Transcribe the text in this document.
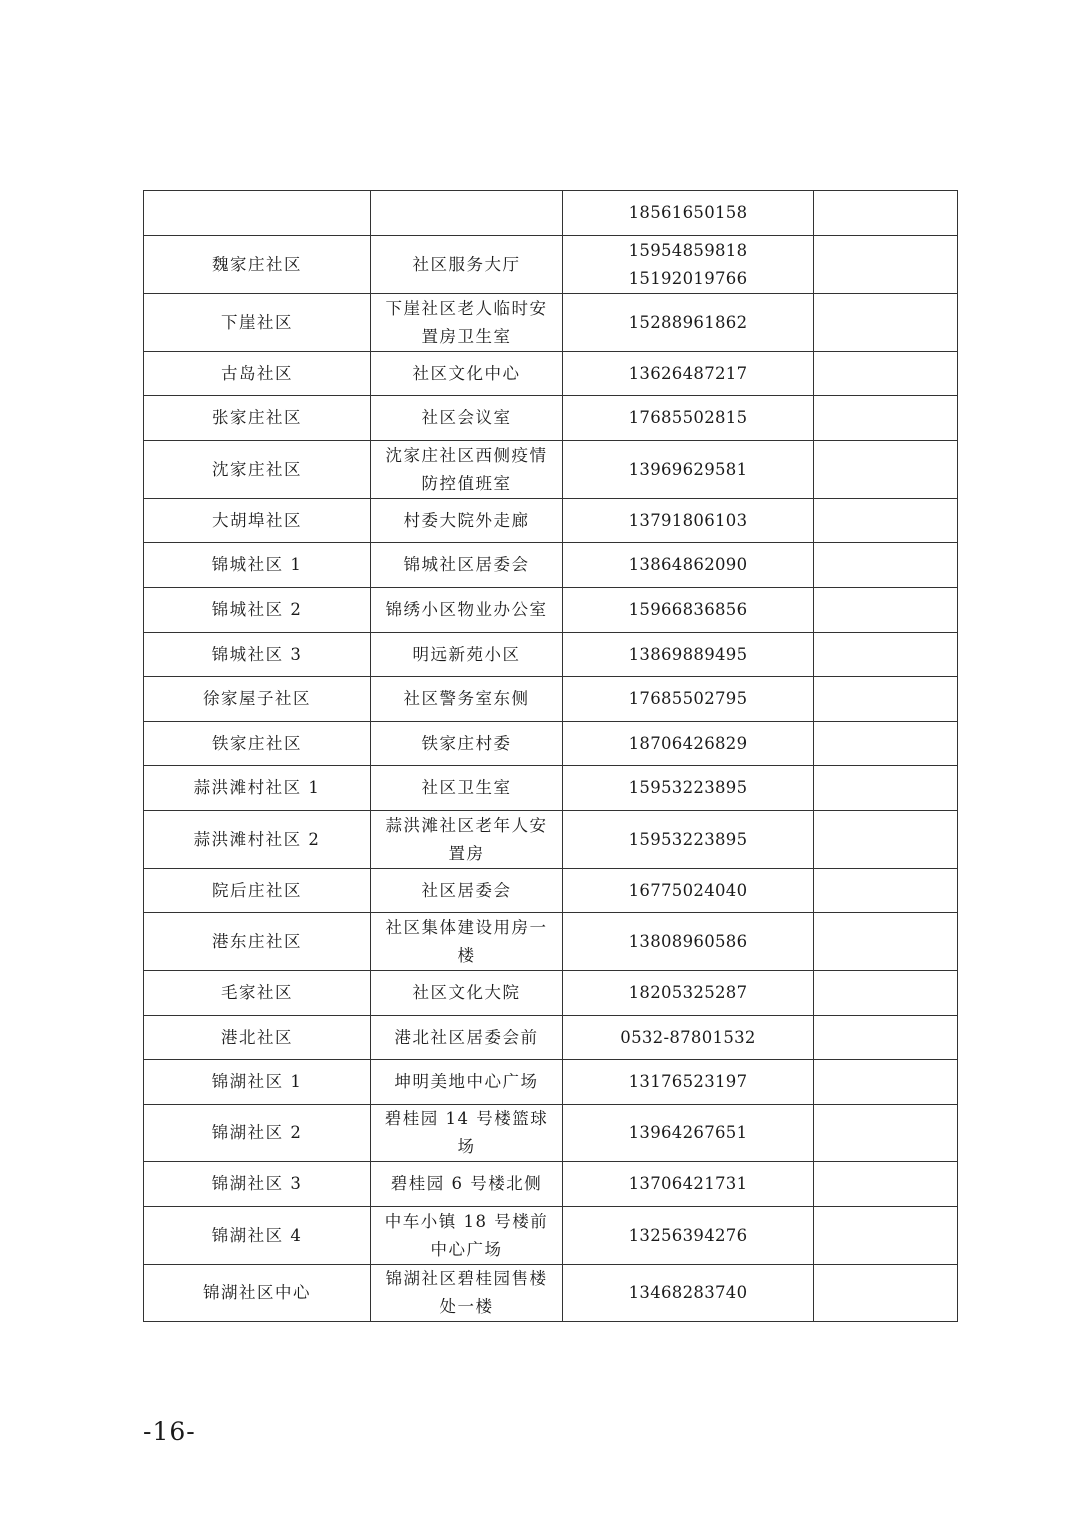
		18561650158	

魏家庄社区	社区服务大厅	15954859818
15192019766	

下崖社区	下崖社区老人临时安置房卫生室	15288961862	

古岛社区	社区文化中心	13626487217	

张家庄社区	社区会议室	17685502815	

沈家庄社区	沈家庄社区西侧疫情防控值班室	13969629581	

大胡埠社区	村委大院外走廊	13791806103	

锦城社区 1	锦城社区居委会	13864862090	

锦城社区 2	锦绣小区物业办公室	15966836856	

锦城社区 3	明远新苑小区	13869889495	

徐家屋子社区	社区警务室东侧	17685502795	

铁家庄社区	铁家庄村委	18706426829	

蒜洪滩村社区 1	社区卫生室	15953223895	

蒜洪滩村社区 2	蒜洪滩社区老年人安置房	15953223895	

院后庄社区	社区居委会	16775024040	

港东庄社区	社区集体建设用房一楼	13808960586	

毛家社区	社区文化大院	18205325287	

港北社区	港北社区居委会前	0532-87801532	

锦湖社区 1	坤明美地中心广场	13176523197	

锦湖社区 2	碧桂园 14 号楼篮球场	13964267651	

锦湖社区 3	碧桂园 6 号楼北侧	13706421731	

锦湖社区 4	中车小镇 18 号楼前中心广场	13256394276	

锦湖社区中心	锦湖社区碧桂园售楼处一楼	13468283740	

-16-
